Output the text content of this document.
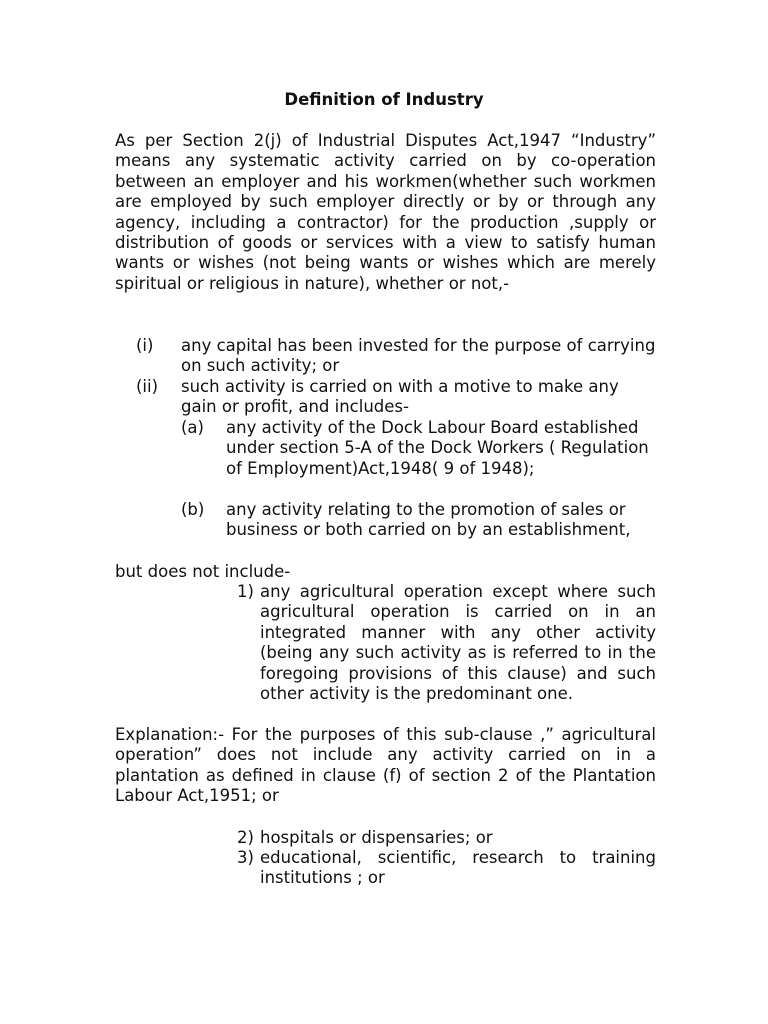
Definition of Industry

As per Section 2(j) of Industrial Disputes Act,1947 “Industry” means any systematic activity carried on by co-operation between an employer and his workmen(whether such workmen are employed by such employer directly or by or through any agency, including a contractor) for the production ,supply or distribution of goods or services with a view to satisfy human wants or wishes (not being wants or wishes which are merely spiritual or religious in nature), whether or not,-

(i) any capital has been invested for the purpose of carrying on such activity; or
(ii) such activity is carried on with a motive to make any gain or profit, and includes-
(a) any activity of the Dock Labour Board established under section 5-A of the Dock Workers ( Regulation of Employment)Act,1948( 9 of 1948);
(b) any activity relating to the promotion of sales or business or both carried on by an establishment,
but does not include-
1) any agricultural operation except where such agricultural operation is carried on in an integrated manner with any other activity (being any such activity as is referred to in the foregoing provisions of this clause) and such other activity is the predominant one.

Explanation:- For the purposes of this sub-clause ,” agricultural operation” does not include any activity carried on in a plantation as defined in clause (f) of section 2 of the Plantation Labour Act,1951; or

2) hospitals or dispensaries; or
3) educational, scientific, research to training institutions ; or
